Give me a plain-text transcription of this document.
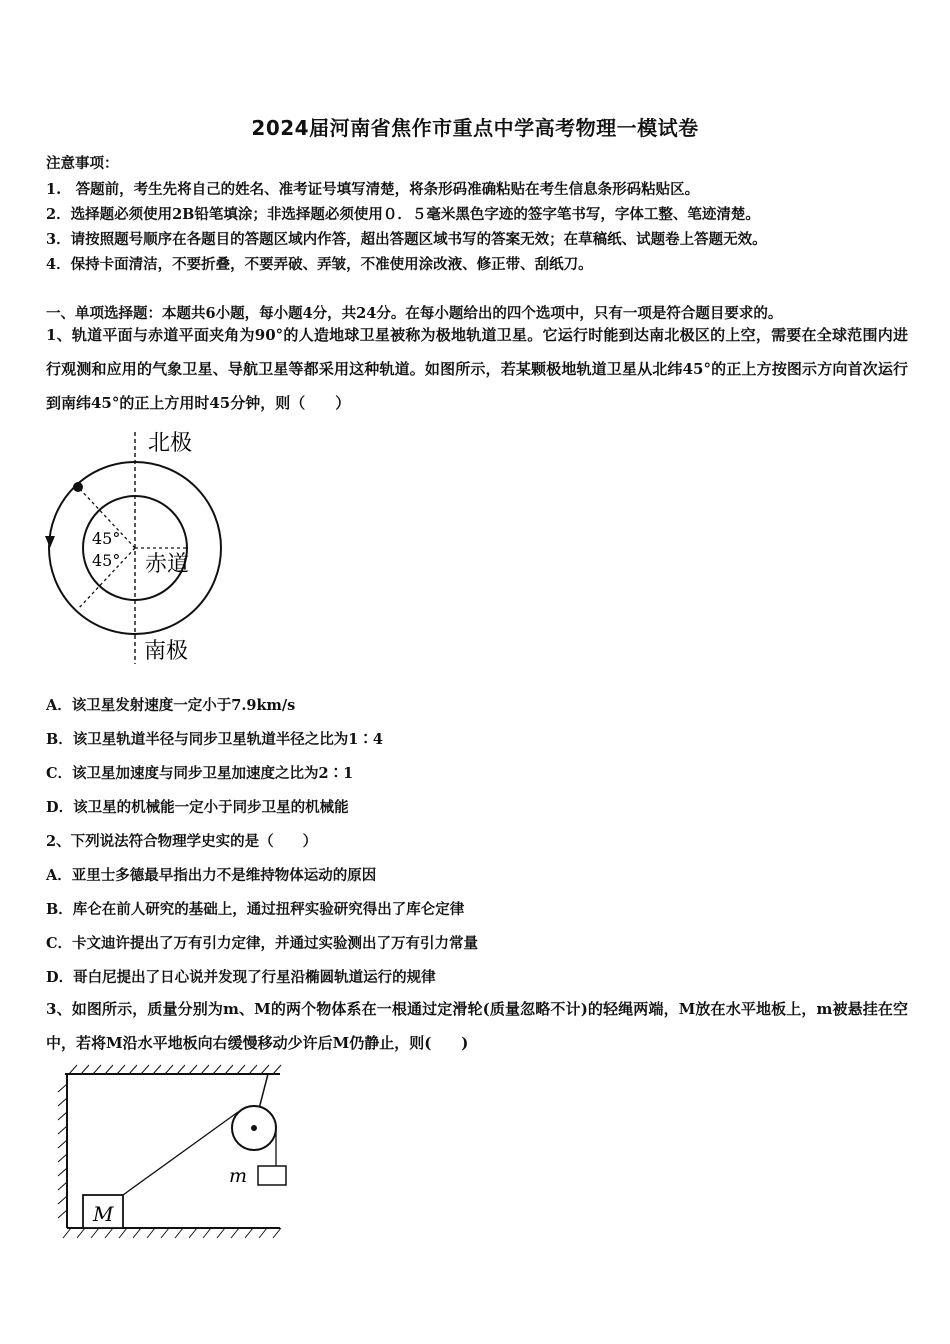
2024届河南省焦作市重点中学高考物理一模试卷
注意事项：
1.　答题前，考生先将自己的姓名、准考证号填写清楚，将条形码准确粘贴在考生信息条形码粘贴区。
2．选择题必须使用2B铅笔填涂；非选择题必须使用０．５毫米黑色字迹的签字笔书写，字体工整、笔迹清楚。
3．请按照题号顺序在各题目的答题区域内作答，超出答题区域书写的答案无效；在草稿纸、试题卷上答题无效。
4．保持卡面清洁，不要折叠，不要弄破、弄皱，不准使用涂改液、修正带、刮纸刀。
一、单项选择题：本题共6小题，每小题4分，共24分。在每小题给出的四个选项中，只有一项是符合题目要求的。
1、轨道平面与赤道平面夹角为90°的人造地球卫星被称为极地轨道卫星。它运行时能到达南北极区的上空，需要在全球范围内进行观测和应用的气象卫星、导航卫星等都采用这种轨道。如图所示，若某颗极地轨道卫星从北纬45°的正上方按图示方向首次运行到南纬45°的正上方用时45分钟，则（　　）
北极
南极
赤道
45°
45°
A．该卫星发射速度一定小于7.9km/s
B．该卫星轨道半径与同步卫星轨道半径之比为1∶4
C．该卫星加速度与同步卫星加速度之比为2∶1
D．该卫星的机械能一定小于同步卫星的机械能
2、下列说法符合物理学史实的是（　　）
A．亚里士多德最早指出力不是维持物体运动的原因
B．库仑在前人研究的基础上，通过扭秤实验研究得出了库仑定律
C．卡文迪许提出了万有引力定律，并通过实验测出了万有引力常量
D．哥白尼提出了日心说并发现了行星沿椭圆轨道运行的规律
3、如图所示，质量分别为m、M的两个物体系在一根通过定滑轮(质量忽略不计)的轻绳两端，M放在水平地板上，m被悬挂在空中，若将M沿水平地板向右缓慢移动少许后M仍静止，则(　　)
M
m
